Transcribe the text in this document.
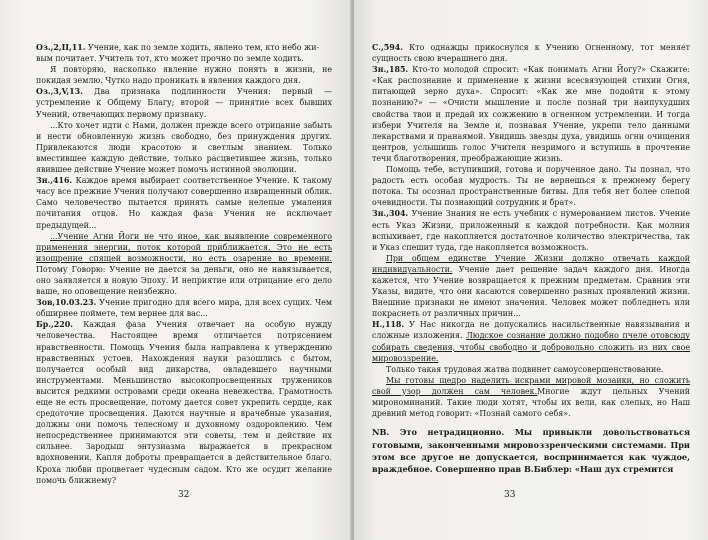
Оз.,2,II,11. Учение, как по земле ходить, явлено тем, кто небо жи-

вым почитает. Учитель тот, кто может прочно по земле ходить.

Я повторяю, насколько явление нужно понять в жизни, не покидая землю. Чутко надо проникать в явления каждого дня.

Оз.,3,V,13. Два признака подлинности Учения: первый — устремление к Общему Благу; второй — принятие всех бывших Учений, отвечающих первому признаку.

...Кто хочет идти с Нами, должен прежде всего отрицание забыть и нести обновленную жизнь свободно, без принуждения других. Привлекаются люди красотою и светлым знанием. Только вместившее каждую действие, только расцветившее жизнь, только явившее действие Учение может помочь истинной эволюции.

Зн.,416. Каждое время выбирает соответственное Учение. К такому часу все прежние Учения получают совершенно извращенный облик. Само человечество пытается принять самые нелепые умаления почитания отцов. Но каждая фаза Учения не исключает предыдущей...

...Учение Агни Йоги не что иное, как выявление современного применения энергии, поток которой приближается. Это не есть изощрение спящей возможности, но есть озарение во времени. Потому Говорю: Учение не дается за деньги, оно не навязывается, оно заявляется в новую Эпоху. И неприятие или отрицание его дело ваше, но оповещение неизбежно.

Зов,10.03.23. Учение пригодно для всего мира, для всех сущих. Чем обширнее поймете, тем вернее для вас...

Бр.,220. Каждая фаза Учения отвечает на особую нужду человечества. Настоящее время отличается потрясением нравственности. Помощь Учения была направлена к утверждению нравственных устоев. Нахождения науки разошлись с бытом, получается особый вид дикарства, овладевшего научными инструментами. Меньшинство высокопросвещенных тружеников высится редкими островами среди океана невежества. Грамотность еще не есть просвещение, потому дается совет укрепить сердце, как средоточие просвещения. Даются научные и врачебные указания, должны они помочь телесному и духовному оздоровлению. Чем непосредственнее принимаются эти советы, тем и действие их сильнее. Зародыш энтузиазма выражается в прекрасном вдохновении. Капля доброты превращается в действительное благо. Кроха любви процветает чудесным садом. Кто же осудит желание помочь ближнему?

32

С.,594. Кто однажды прикоснулся к Учению Огненному, тот меняет сущность свою вчерашнего дня.

Зн.,185. Кто-то молодой спросит: «Как понимать Агни Йогу?» Скажите: «Как распознание и применение к жизни всесвязующей стихии Огня, питающей зерно духа». Спросит: «Как же мне подойти к этому познанию?» — «Очисти мышление и после познай три наипухудших свойства твои и предай их сожжению в огненном устремлении. И тогда избери Учителя на Земле и, познавая Учение, укрепи тело данными лекарствами и пранаямой. Увидишь звезды духа, увидишь огни очищения центров, услышишь голос Учителя незримого и вступишь в прочтение течи благотворения, преображающие жизнь.

Помощь тебе, вступивший, готова и порученное дано. Ты познал, что радость есть особая мудрость. Ты не вернешься к прежнему берегу потока. Ты осознал пространственные битвы. Для тебя нет более слепой очевидности. Ты познающий сотрудник и брат».

Зн.,304. Учение Знания не есть учебник с нумерованием листов. Учение есть Указ Жизни, приложенный к каждой потребности. Как молния вспыхивает, где накопляется достаточное количество электричества, так и Указ спешит туда, где накопляется возможность.

При общем единстве Учение Жизни должно отвечать каждой индивидуальности. Учение дает решение задач каждого дня. Иногда кажется, что Учение возвращается к прежним предметам. Сравнив эти Указы, видите, что они касаются совершенно разных проявлений жизни. Внешние признаки не имеют значения. Человек может побледнеть или покраснеть от различных причин...

Н.,118. У Нас никогда не допускались насильственные навязывания и сложные изложения. Людское сознание должно подобно пчеле отовсюду собирать сведения, чтобы свободно и добровольно сложить из них свое мировоззрение.

Только такая трудовая жатва подвинет самоусовершенствование.

Мы готовы щедро наделить искрами мировой мозаики, но сложить свой узор должен сам человек.Многие ждут цельных Учений мирономинаний. Такие люди хотят, чтобы их вели, как слепых, но Наш древний метод говорит: «Познай самого себя».

NB. Это нетрадиционно. Мы привыкли довольствоваться готовыми, законченными мировоззренческими системами. При этом все другое не допускается, воспринимается как чуждое, враждебное. Совершенно прав В.Библер: «Наш дух стремится

33
